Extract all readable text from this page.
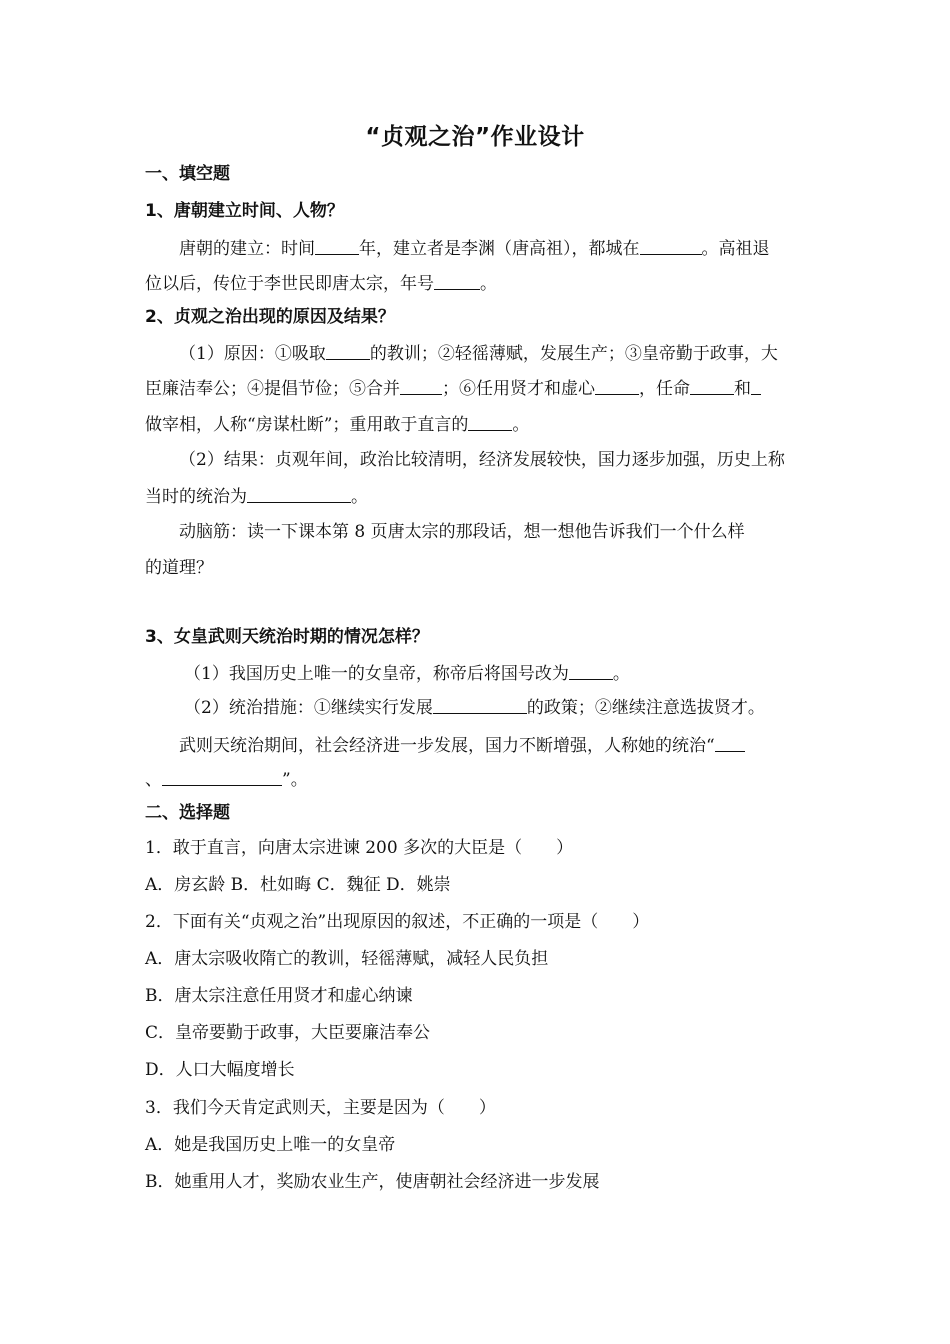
“贞观之治”作业设计
一、填空题
1、唐朝建立时间、人物？
唐朝的建立：时间	年，建立者是李渊（唐高祖），都城在	。高祖退
位以后，传位于李世民即唐太宗，年号	。
2、贞观之治出现的原因及结果？
（1）原因：①吸取	的教训；②轻徭薄赋，发展生产；③皇帝勤于政事，大
臣廉洁奉公；④提倡节俭；⑤合并 ；⑥任用贤才和虚心	，任命	和
做宰相，人称“房谋杜断”；重用敢于直言的	。
（2）结果：贞观年间，政治比较清明，经济发展较快，国力逐步加强，历史上称
当时的统治为	。
动脑筋：读一下课本第 8 页唐太宗的那段话，想一想他告诉我们一个什么样
的道理？
3、女皇武则天统治时期的情况怎样？
（1）我国历史上唯一的女皇帝，称帝后将国号改为	。
（2）统治措施：①继续实行发展	的政策；②继续注意选拔贤才。
武则天统治期间，社会经济进一步发展，国力不断增强，人称她的统治“
、	”。
二、选择题
1．敢于直言，向唐太宗进谏 200 多次的大臣是（　　）
A．房玄龄 B．杜如晦 C．魏征 D．姚崇
2．下面有关“贞观之治”出现原因的叙述，不正确的一项是（　　）
A．唐太宗吸收隋亡的教训，轻徭薄赋，减轻人民负担
B．唐太宗注意任用贤才和虚心纳谏
C．皇帝要勤于政事，大臣要廉洁奉公
D．人口大幅度增长
3．我们今天肯定武则天，主要是因为（　　）
A．她是我国历史上唯一的女皇帝
B．她重用人才，奖励农业生产，使唐朝社会经济进一步发展
